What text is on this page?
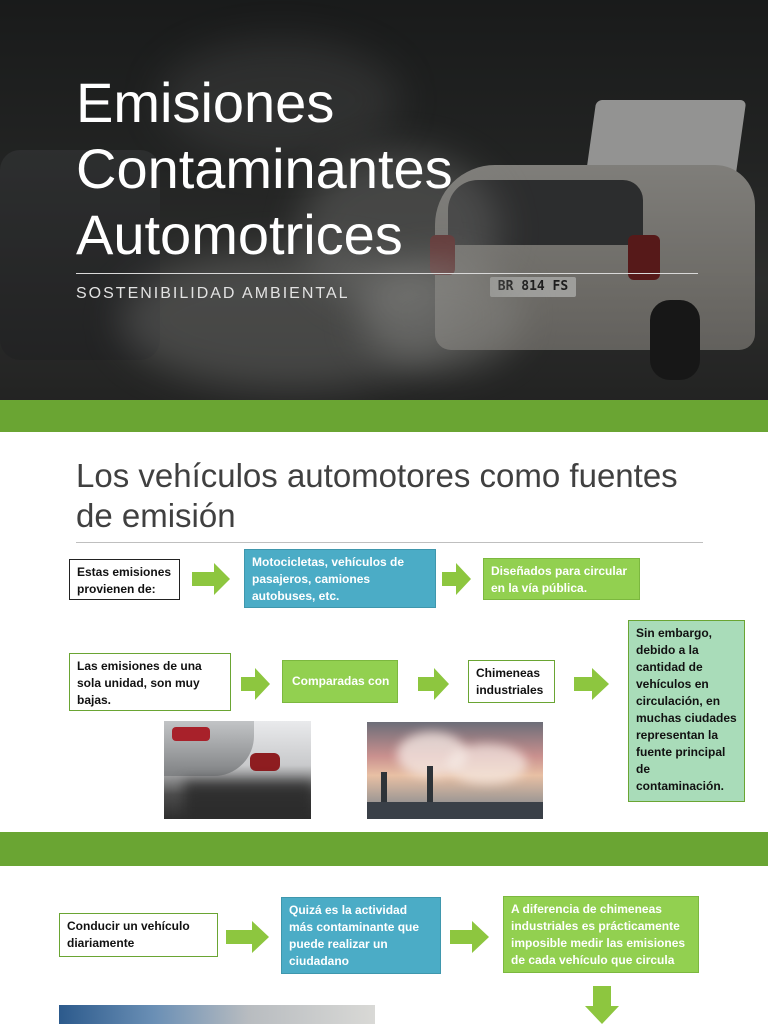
BR 814 FS
Emisiones
Contaminantes
Automotrices
SOSTENIBILIDAD AMBIENTAL
Los vehículos automotores como fuentes de emisión
Estas emisiones provienen de:
Motocicletas, vehículos de pasajeros, camiones autobuses, etc.
Diseñados para circular en la vía pública.
Las emisiones de una sola unidad, son muy bajas.
Comparadas con
Chimeneas industriales
Sin embargo, debido a la cantidad de vehículos en circulación, en muchas ciudades representan la fuente principal de contaminación.
Conducir un vehículo diariamente
Quizá es la actividad más contaminante que puede realizar un ciudadano
A diferencia de chimeneas industriales es prácticamente imposible medir las emisiones de cada vehículo que circula
